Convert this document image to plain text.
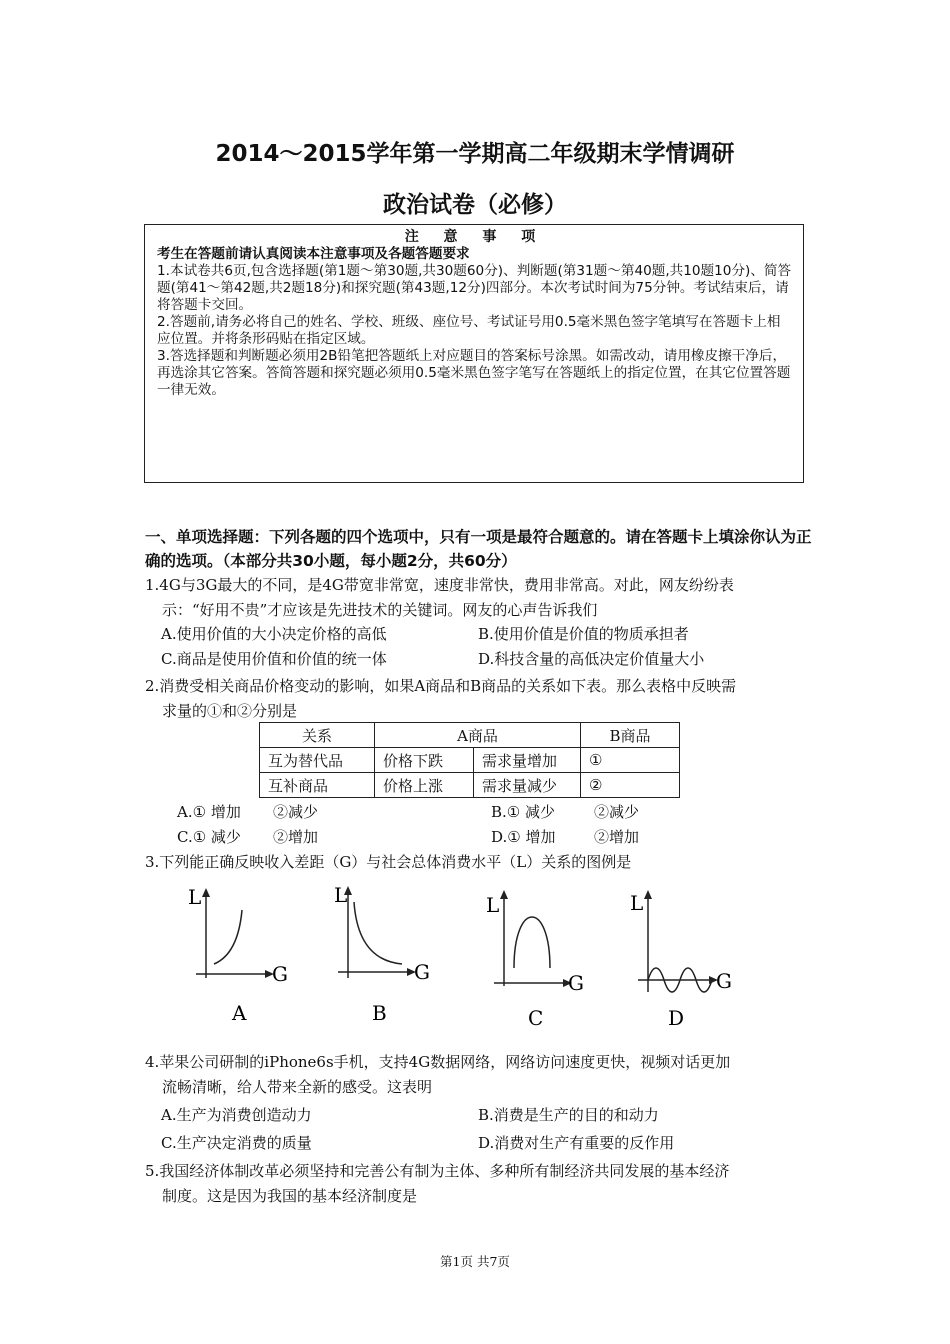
2014～2015学年第一学期高二年级期末学情调研
政治试卷（必修）

注 意 事 项

考生在答题前请认真阅读本注意事项及各题答题要求

1.本试卷共6页,包含选择题(第1题～第30题,共30题60分)、判断题(第31题～第40题,共10题10分)、简答题(第41～第42题,共2题18分)和探究题(第43题,12分)四部分。本次考试时间为75分钟。考试结束后，请将答题卡交回。

2.答题前,请务必将自己的姓名、学校、班级、座位号、考试证号用0.5毫米黑色签字笔填写在答题卡上相应位置。并将条形码贴在指定区域。

3.答选择题和判断题必须用2B铅笔把答题纸上对应题目的答案标号涂黑。如需改动，请用橡皮擦干净后，再选涂其它答案。答简答题和探究题必须用0.5毫米黑色签字笔写在答题纸上的指定位置，在其它位置答题一律无效。

一、单项选择题：下列各题的四个选项中，只有一项是最符合题意的。请在答题卡上填涂你认为正确的选项。（本部分共30小题，每小题2分，共60分）
1.4G与3G最大的不同，是4G带宽非常宽，速度非常快，费用非常高。对此，网友纷纷表
示：“好用不贵”才应该是先进技术的关键词。网友的心声告诉我们
A.使用价值的大小决定价格的高低	B.使用价值是价值的物质承担者
C.商品是使用价值和价值的统一体	D.科技含量的高低决定价值量大小
2.消费受相关商品价格变动的影响，如果A商品和B商品的关系如下表。那么表格中反映需
求量的①和②分别是
关系	A商品		B商品
互为替代品	价格下跌	需求量增加	①
互补商品	价格上涨	需求量减少	②
A.① 增加 ②减少	B.① 减少	②减少
C.① 减少 ②增加	D.① 增加	②增加
3.下列能正确反映收入差距（G）与社会总体消费水平（L）关系的图例是
L
G
A
L
G
B
L
G
C
L
G
D
4.苹果公司研制的iPhone6s手机，支持4G数据网络，网络访问速度更快，视频对话更加
流畅清晰，给人带来全新的感受。这表明
A.生产为消费创造动力	B.消费是生产的目的和动力
C.生产决定消费的质量	D.消费对生产有重要的反作用
5.我国经济体制改革必须坚持和完善公有制为主体、多种所有制经济共同发展的基本经济
制度。这是因为我国的基本经济制度是
第1页 共7页
